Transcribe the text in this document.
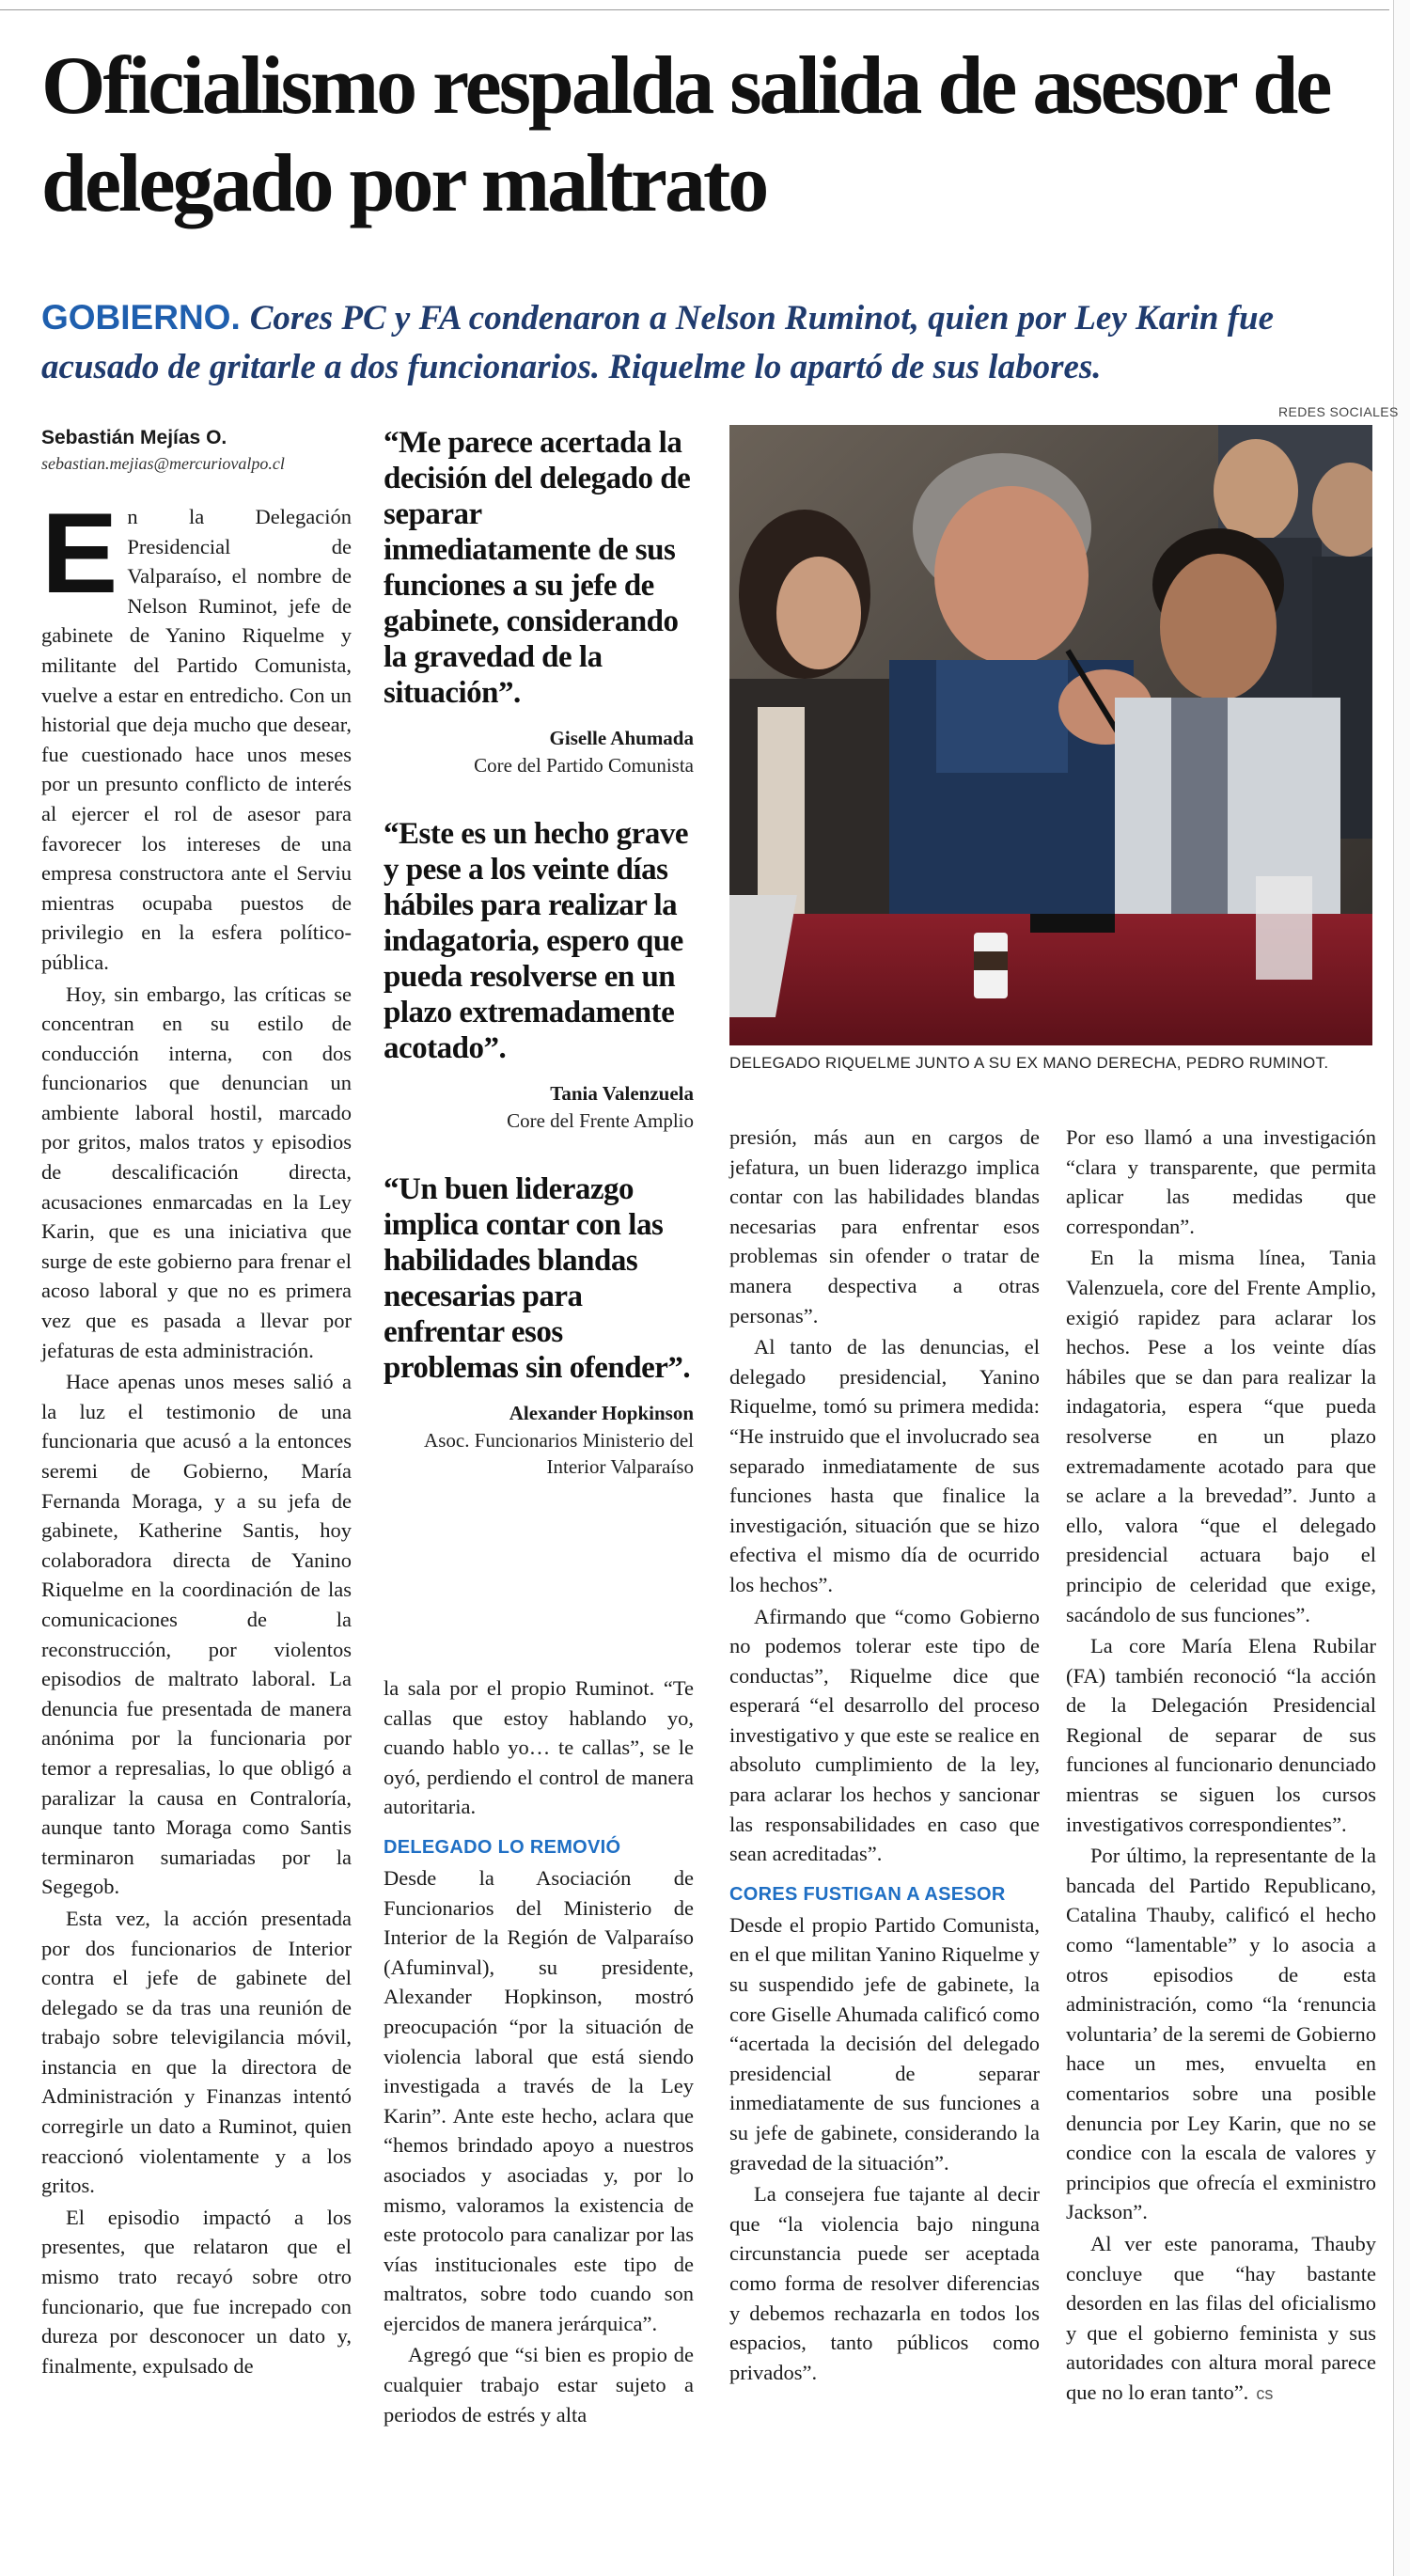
Oficialismo respalda salida de asesor de delegado por maltrato
GOBIERNO. Cores PC y FA condenaron a Nelson Ruminot, quien por Ley Karin fue acusado de gritarle a dos funcionarios. Riquelme lo apartó de sus labores.
Sebastián Mejías O.
sebastian.mejias@mercuriovalpo.cl

En la Delegación Presidencial de Valparaíso, el nombre de Nelson Ruminot, jefe de gabinete de Yanino Riquelme y militante del Partido Comunista, vuelve a estar en entredicho. Con un historial que deja mucho que desear, fue cuestionado hace unos meses por un presunto conflicto de interés al ejercer el rol de asesor para favorecer los intereses de una empresa constructora ante el Serviu mientras ocupaba puestos de privilegio en la esfera político-pública.

Hoy, sin embargo, las críticas se concentran en su estilo de conducción interna, con dos funcionarios que denuncian un ambiente laboral hostil, marcado por gritos, malos tratos y episodios de descalificación directa, acusaciones enmarcadas en la Ley Karin, que es una iniciativa que surge de este gobierno para frenar el acoso laboral y que no es primera vez que es pasada a llevar por jefaturas de esta administración.

Hace apenas unos meses salió a la luz el testimonio de una funcionaria que acusó a la entonces seremi de Gobierno, María Fernanda Moraga, y a su jefa de gabinete, Katherine Santis, hoy colaboradora directa de Yanino Riquelme en la coordinación de las comunicaciones de la reconstrucción, por violentos episodios de maltrato laboral. La denuncia fue presentada de manera anónima por la funcionaria por temor a represalias, lo que obligó a paralizar la causa en Contraloría, aunque tanto Moraga como Santis terminaron sumariadas por la Segegob.

Esta vez, la acción presentada por dos funcionarios de Interior contra el jefe de gabinete del delegado se da tras una reunión de trabajo sobre televigilancia móvil, instancia en que la directora de Administración y Finanzas intentó corregirle un dato a Ruminot, quien reaccionó violentamente y a los gritos.

El episodio impactó a los presentes, que relataron que el mismo trato recayó sobre otro funcionario, que fue increpado con dureza por desconocer un dato y, finalmente, expulsado de

“Me parece acertada la decisión del delegado de separar inmediatamente de sus funciones a su jefe de gabinete, considerando la gravedad de la situación”.
Giselle Ahumada
Core del Partido Comunista
“Este es un hecho grave y pese a los veinte días hábiles para realizar la indagatoria, espero que pueda resolverse en un plazo extremadamente acotado”.
Tania Valenzuela
Core del Frente Amplio
“Un buen liderazgo implica contar con las habilidades blandas necesarias para enfrentar esos problemas sin ofender”.
Alexander Hopkinson
Asoc. Funcionarios Ministerio del Interior Valparaíso

la sala por el propio Ruminot. “Te callas que estoy hablando yo, cuando hablo yo… te callas”, se le oyó, perdiendo el control de manera autoritaria.

DELEGADO LO REMOVIÓ

Desde la Asociación de Funcionarios del Ministerio de Interior de la Región de Valparaíso (Afuminval), su presidente, Alexander Hopkinson, mostró preocupación “por la situación de violencia laboral que está siendo investigada a través de la Ley Karin”. Ante este hecho, aclara que “hemos brindado apoyo a nuestros asociados y asociadas y, por lo mismo, valoramos la existencia de este protocolo para canalizar por las vías institucionales este tipo de maltratos, sobre todo cuando son ejercidos de manera jerárquica”.

Agregó que “si bien es propio de cualquier trabajo estar sujeto a periodos de estrés y alta

REDES SOCIALES
DELEGADO RIQUELME JUNTO A SU EX MANO DERECHA, PEDRO RUMINOT.

presión, más aun en cargos de jefatura, un buen liderazgo implica contar con las habilidades blandas necesarias para enfrentar esos problemas sin ofender o tratar de manera despectiva a otras personas”.

Al tanto de las denuncias, el delegado presidencial, Yanino Riquelme, tomó su primera medida: “He instruido que el involucrado sea separado inmediatamente de sus funciones hasta que finalice la investigación, situación que se hizo efectiva el mismo día de ocurrido los hechos”.

Afirmando que “como Gobierno no podemos tolerar este tipo de conductas”, Riquelme dice que esperará “el desarrollo del proceso investigativo y que este se realice en absoluto cumplimiento de la ley, para aclarar los hechos y sancionar las responsabilidades en caso que sean acreditadas”.

CORES FUSTIGAN A ASESOR

Desde el propio Partido Comunista, en el que militan Yanino Riquelme y su suspendido jefe de gabinete, la core Giselle Ahumada calificó como “acertada la decisión del delegado presidencial de separar inmediatamente de sus funciones a su jefe de gabinete, considerando la gravedad de la situación”.

La consejera fue tajante al decir que “la violencia bajo ninguna circunstancia puede ser aceptada como forma de resolver diferencias y debemos rechazarla en todos los espacios, tanto públicos como privados”.

Por eso llamó a una investigación “clara y transparente, que permita aplicar las medidas que correspondan”.

En la misma línea, Tania Valenzuela, core del Frente Amplio, exigió rapidez para aclarar los hechos. Pese a los veinte días hábiles que se dan para realizar la indagatoria, espera “que pueda resolverse en un plazo extremadamente acotado para que se aclare a la brevedad”. Junto a ello, valora “que el delegado presidencial actuara bajo el principio de celeridad que exige, sacándolo de sus funciones”.

La core María Elena Rubilar (FA) también reconoció “la acción de la Delegación Presidencial Regional de separar de sus funciones al funcionario denunciado mientras se siguen los cursos investigativos correspondientes”.

Por último, la representante de la bancada del Partido Republicano, Catalina Thauby, calificó el hecho como “lamentable” y lo asocia a otros episodios de esta administración, como “la ‘renuncia voluntaria’ de la seremi de Gobierno hace un mes, envuelta en comentarios sobre una posible denuncia por Ley Karin, que no se condice con la escala de valores y principios que ofrecía el exministro Jackson”.

Al ver este panorama, Thauby concluye que “hay bastante desorden en las filas del oficialismo y que el gobierno feminista y sus autoridades con altura moral parece que no lo eran tanto”. cs
